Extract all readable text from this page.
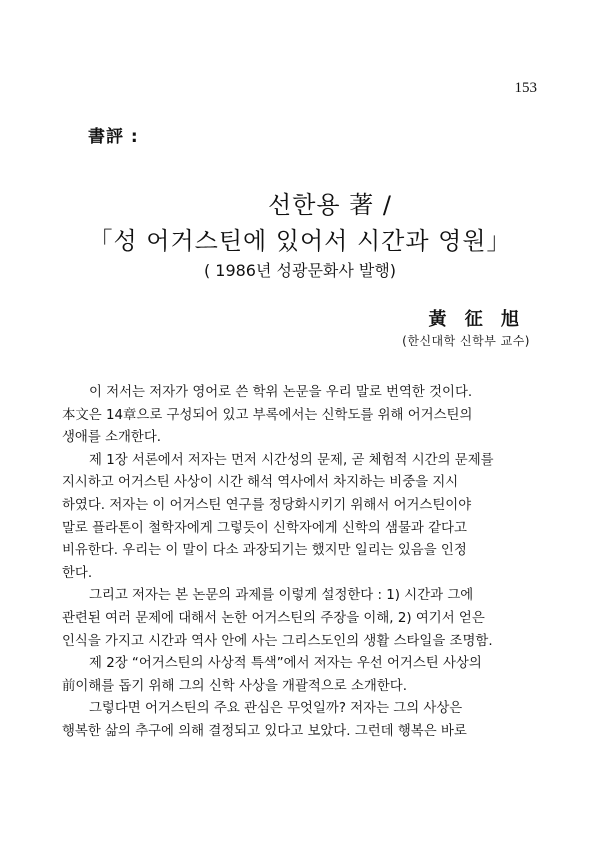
153
書評 :
선한용 著 /
「성 어거스틴에 있어서 시간과 영원」
( 1986년 성광문화사 발행)
黃 征 旭
(한신대학 신학부 교수)
이 저서는 저자가 영어로 쓴 학위 논문을 우리 말로 번역한 것이다.
本文은 14章으로 구성되어 있고 부록에서는 신학도를 위해 어거스틴의
생애를 소개한다.
제 1장 서론에서 저자는 먼저 시간성의 문제, 곧 체험적 시간의 문제를
지시하고 어거스틴 사상이 시간 해석 역사에서 차지하는 비중을 지시
하였다. 저자는 이 어거스틴 연구를 정당화시키기 위해서 어거스틴이야
말로 플라톤이 철학자에게 그렇듯이 신학자에게 신학의 샘물과 같다고
비유한다. 우리는 이 말이 다소 과장되기는 했지만 일리는 있음을 인정
한다.
그리고 저자는 본 논문의 과제를 이렇게 설정한다 : 1) 시간과 그에
관련된 여러 문제에 대해서 논한 어거스틴의 주장을 이해, 2) 여기서 얻은
인식을 가지고 시간과 역사 안에 사는 그리스도인의 생활 스타일을 조명함.
제 2장 “어거스틴의 사상적 특색”에서 저자는 우선 어거스틴 사상의
前이해를 돕기 위해 그의 신학 사상을 개괄적으로 소개한다.
그렇다면 어거스틴의 주요 관심은 무엇일까? 저자는 그의 사상은
행복한 삶의 추구에 의해 결정되고 있다고 보았다. 그런데 행복은 바로
